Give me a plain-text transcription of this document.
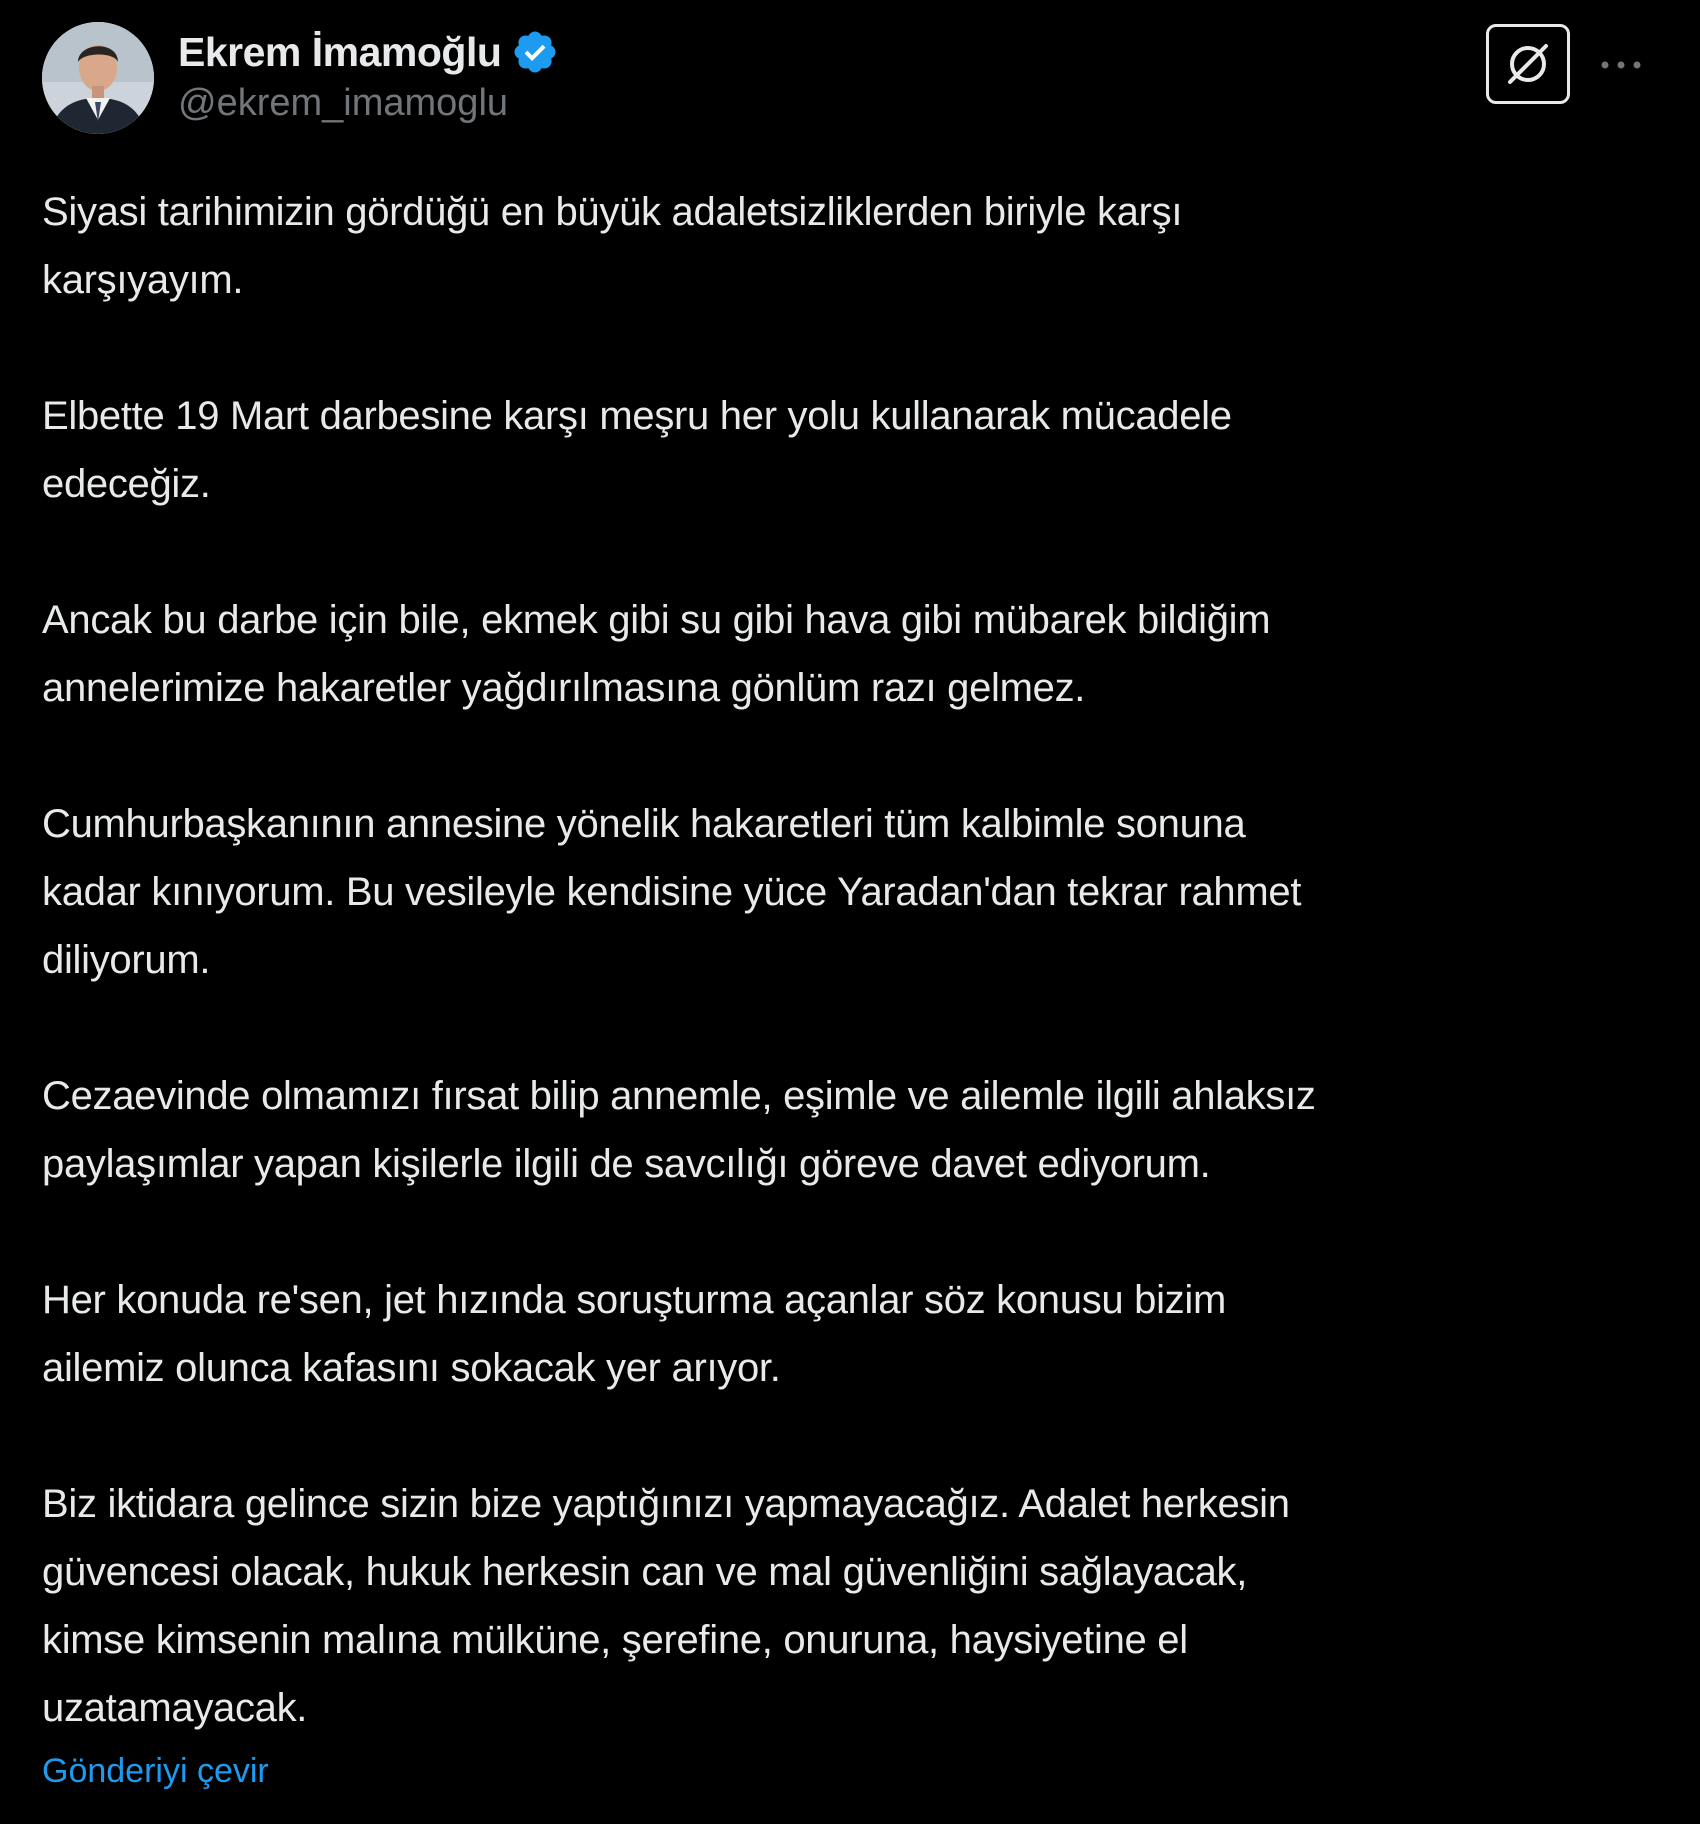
Ekrem İmamoğlu
@ekrem_imamoglu

Siyasi tarihimizin gördüğü en büyük adaletsizliklerden biriyle karşı
karşıyayım.

Elbette 19 Mart darbesine karşı meşru her yolu kullanarak mücadele
edeceğiz.

Ancak bu darbe için bile, ekmek gibi su gibi hava gibi mübarek bildiğim
annelerimize hakaretler yağdırılmasına gönlüm razı gelmez.

Cumhurbaşkanının annesine yönelik hakaretleri tüm kalbimle sonuna
kadar kınıyorum. Bu vesileyle kendisine yüce Yaradan'dan tekrar rahmet
diliyorum.

Cezaevinde olmamızı fırsat bilip annemle, eşimle ve ailemle ilgili ahlaksız
paylaşımlar yapan kişilerle ilgili de savcılığı göreve davet ediyorum.

Her konuda re'sen, jet hızında soruşturma açanlar söz konusu bizim
ailemiz olunca kafasını sokacak yer arıyor.

Biz iktidara gelince sizin bize yaptığınızı yapmayacağız. Adalet herkesin
güvencesi olacak, hukuk herkesin can ve mal güvenliğini sağlayacak,
kimse kimsenin malına mülküne, şerefine, onuruna, haysiyetine el
uzatamayacak.

Gönderiyi çevir
